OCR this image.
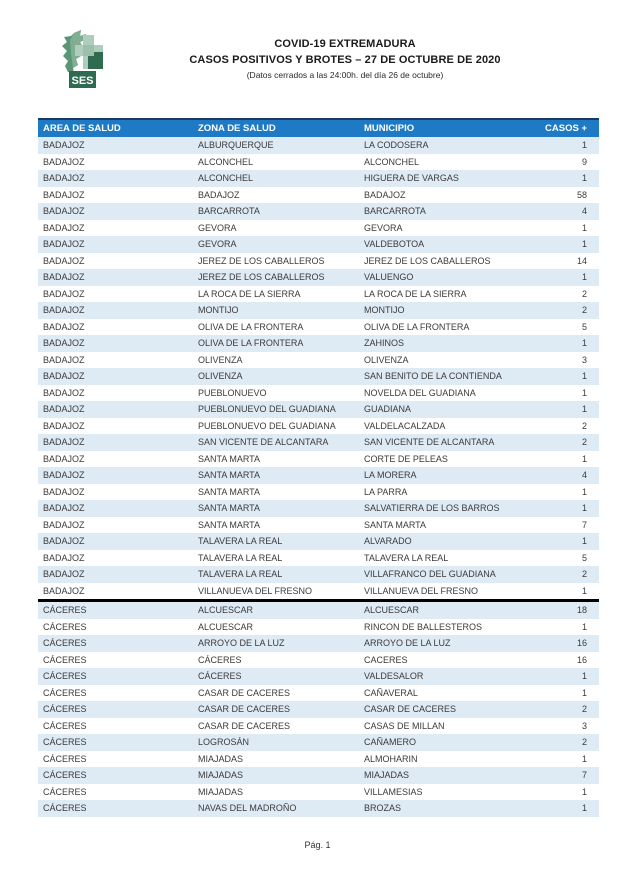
SES

COVID-19 EXTREMADURA

CASOS POSITIVOS Y BROTES – 27 DE OCTUBRE DE 2020

(Datos cerrados a las 24:00h. del día 26 de octubre)

AREA DE SALUD	ZONA DE SALUD	MUNICIPIO	CASOS +
BADAJOZ	ALBURQUERQUE	LA CODOSERA	1
BADAJOZ	ALCONCHEL	ALCONCHEL	9
BADAJOZ	ALCONCHEL	HIGUERA DE VARGAS	1
BADAJOZ	BADAJOZ	BADAJOZ	58
BADAJOZ	BARCARROTA	BARCARROTA	4
BADAJOZ	GEVORA	GEVORA	1
BADAJOZ	GEVORA	VALDEBOTOA	1
BADAJOZ	JEREZ DE LOS CABALLEROS	JEREZ DE LOS CABALLEROS	14
BADAJOZ	JEREZ DE LOS CABALLEROS	VALUENGO	1
BADAJOZ	LA ROCA DE LA SIERRA	LA ROCA DE LA SIERRA	2
BADAJOZ	MONTIJO	MONTIJO	2
BADAJOZ	OLIVA DE LA FRONTERA	OLIVA DE LA FRONTERA	5
BADAJOZ	OLIVA DE LA FRONTERA	ZAHINOS	1
BADAJOZ	OLIVENZA	OLIVENZA	3
BADAJOZ	OLIVENZA	SAN BENITO DE LA CONTIENDA	1
BADAJOZ	PUEBLONUEVO	NOVELDA DEL GUADIANA	1
BADAJOZ	PUEBLONUEVO DEL GUADIANA	GUADIANA	1
BADAJOZ	PUEBLONUEVO DEL GUADIANA	VALDELACALZADA	2
BADAJOZ	SAN VICENTE DE ALCANTARA	SAN VICENTE DE ALCANTARA	2
BADAJOZ	SANTA MARTA	CORTE DE PELEAS	1
BADAJOZ	SANTA MARTA	LA MORERA	4
BADAJOZ	SANTA MARTA	LA PARRA	1
BADAJOZ	SANTA MARTA	SALVATIERRA DE LOS BARROS	1
BADAJOZ	SANTA MARTA	SANTA MARTA	7
BADAJOZ	TALAVERA LA REAL	ALVARADO	1
BADAJOZ	TALAVERA LA REAL	TALAVERA LA REAL	5
BADAJOZ	TALAVERA LA REAL	VILLAFRANCO DEL GUADIANA	2
BADAJOZ	VILLANUEVA DEL FRESNO	VILLANUEVA DEL FRESNO	1
CÁCERES	ALCUESCAR	ALCUESCAR	18
CÁCERES	ALCUESCAR	RINCON DE BALLESTEROS	1
CÁCERES	ARROYO DE LA LUZ	ARROYO DE LA LUZ	16
CÁCERES	CÁCERES	CACERES	16
CÁCERES	CÁCERES	VALDESALOR	1
CÁCERES	CASAR DE CACERES	CAÑAVERAL	1
CÁCERES	CASAR DE CACERES	CASAR DE CACERES	2
CÁCERES	CASAR DE CACERES	CASAS DE MILLAN	3
CÁCERES	LOGROSÁN	CAÑAMERO	2
CÁCERES	MIAJADAS	ALMOHARIN	1
CÁCERES	MIAJADAS	MIAJADAS	7
CÁCERES	MIAJADAS	VILLAMESIAS	1
CÁCERES	NAVAS DEL MADROÑO	BROZAS	1
Pág. 1
